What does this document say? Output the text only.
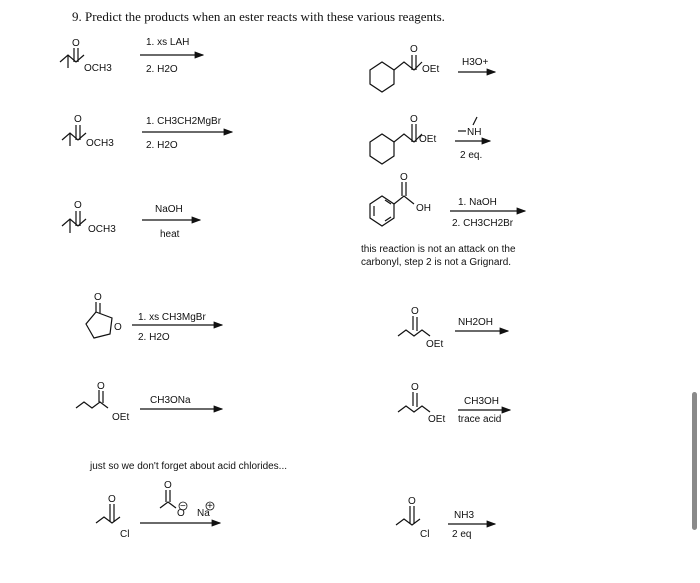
9. Predict the products when an ester reacts with these various reagents.
this reaction is not an attack on the
carbonyl, step 2 is not a Grignard.
just so we don't forget about acid chlorides...
O
OCH3
1. xs LAH
2. H2O
O
OCH3
1. CH3CH2MgBr
2. H2O
O
OCH3
NaOH
heat
O
O
1. xs CH3MgBr
2. H2O
O
OEt
CH3ONa
O
OEt
H3O+
O
OEt
NH
2 eq.
O
OH
1. NaOH
2. CH3CH2Br
O
OEt
NH2OH
O
OEt
CH3OH
trace acid
O
Cl
O
O
−
Na
+	O
Cl
NH3
2 eq
